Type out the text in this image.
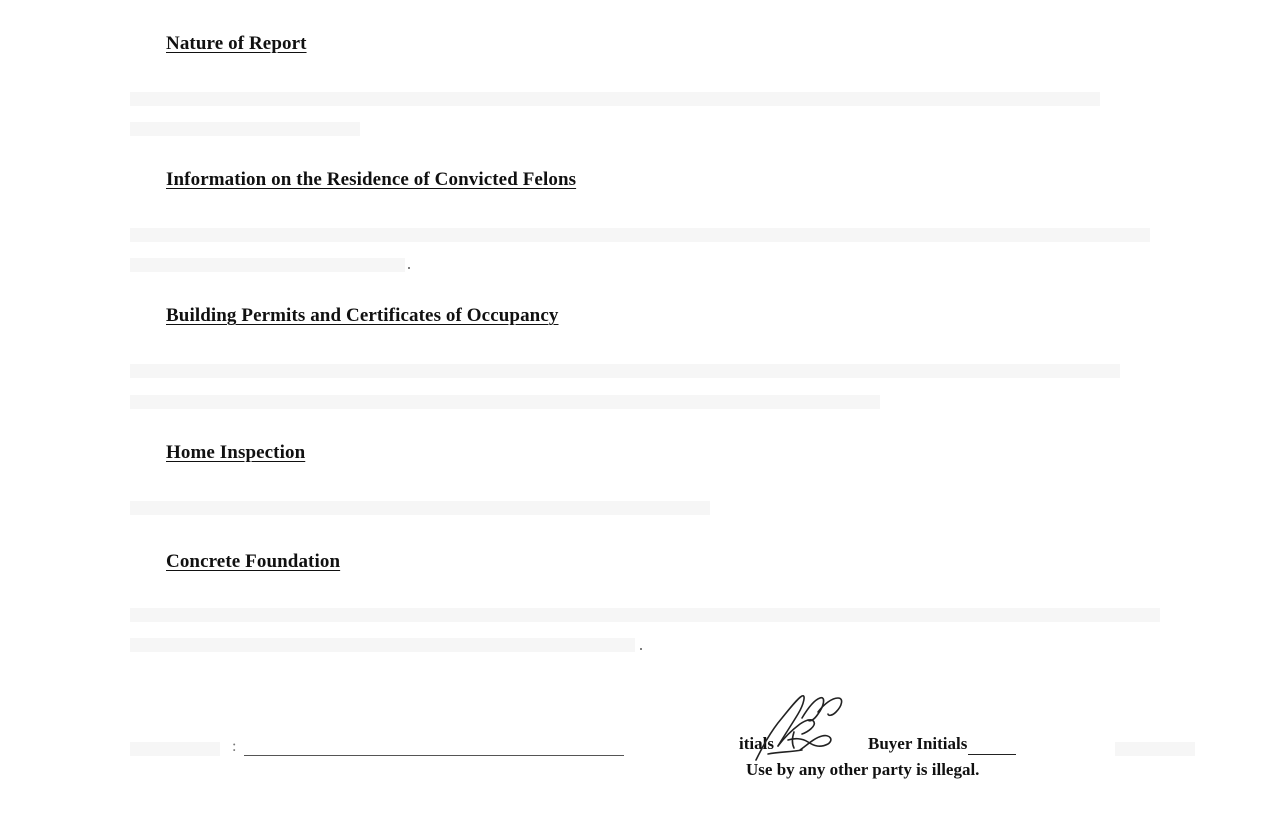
Nature of Report
Information on the Residence of Convicted Felons
Building Permits and Certificates of Occupancy
Home Inspection
Concrete Foundation
:	itials	Buyer Initials
Use by any other party is illegal.
